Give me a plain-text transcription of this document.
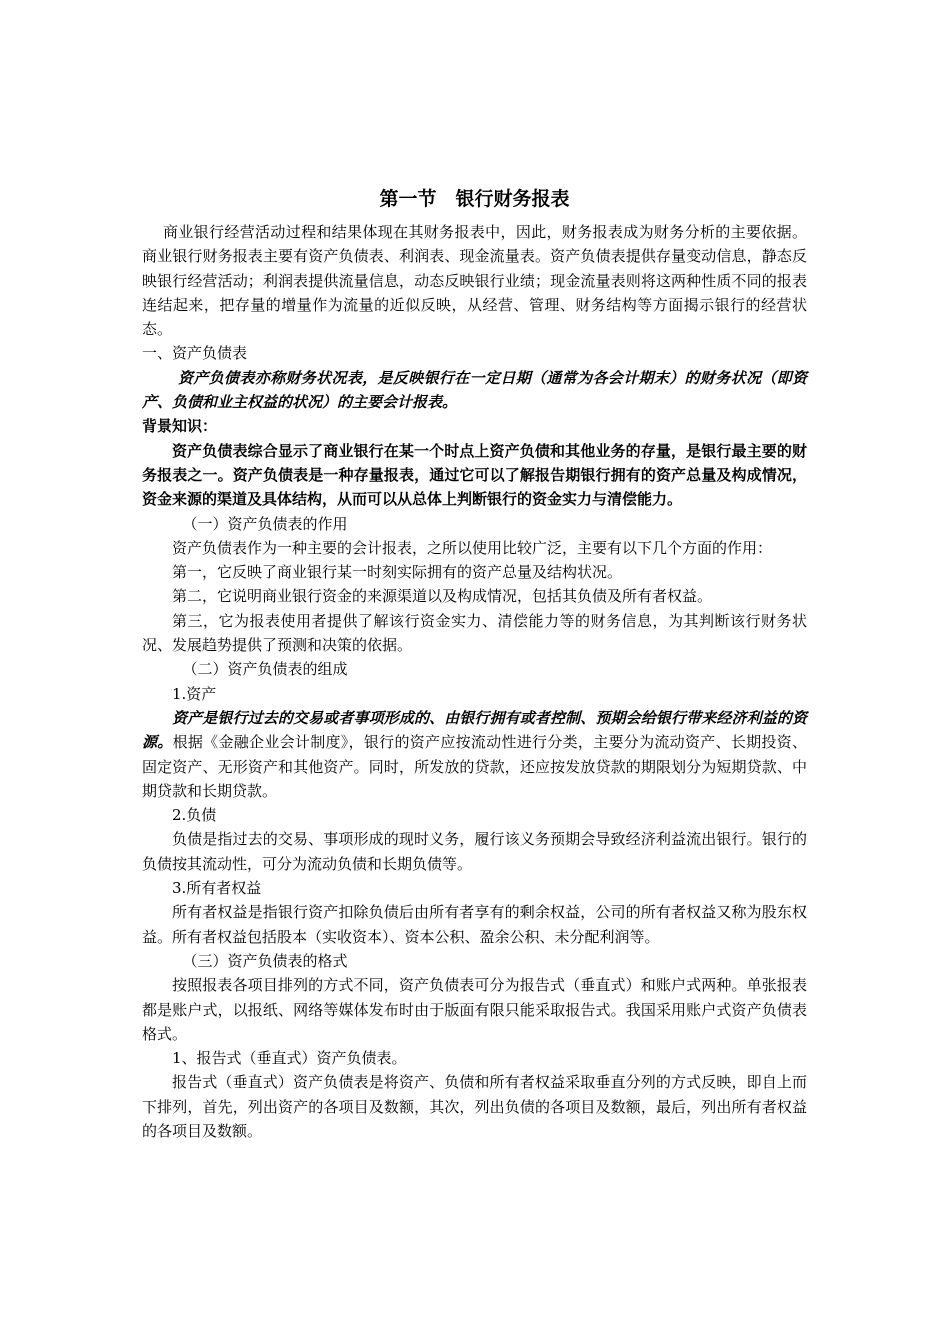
第一节　银行财务报表

商业银行经营活动过程和结果体现在其财务报表中，因此，财务报表成为财务分析的主要依据。商业银行财务报表主要有资产负债表、利润表、现金流量表。资产负债表提供存量变动信息，静态反映银行经营活动；利润表提供流量信息，动态反映银行业绩；现金流量表则将这两种性质不同的报表连结起来，把存量的增量作为流量的近似反映，从经营、管理、财务结构等方面揭示银行的经营状态。

一、资产负债表

资产负债表亦称财务状况表，是反映银行在一定日期（通常为各会计期末）的财务状况（即资产、负债和业主权益的状况）的主要会计报表。

背景知识：

资产负债表综合显示了商业银行在某一个时点上资产负债和其他业务的存量，是银行最主要的财务报表之一。资产负债表是一种存量报表，通过它可以了解报告期银行拥有的资产总量及构成情况，资金来源的渠道及具体结构，从而可以从总体上判断银行的资金实力与清偿能力。

（一）资产负债表的作用

资产负债表作为一种主要的会计报表，之所以使用比较广泛，主要有以下几个方面的作用：

第一，它反映了商业银行某一时刻实际拥有的资产总量及结构状况。

第二，它说明商业银行资金的来源渠道以及构成情况，包括其负债及所有者权益。

第三，它为报表使用者提供了解该行资金实力、清偿能力等的财务信息，为其判断该行财务状况、发展趋势提供了预测和决策的依据。

（二）资产负债表的组成

1.资产

资产是银行过去的交易或者事项形成的、由银行拥有或者控制、预期会给银行带来经济利益的资源。根据《金融企业会计制度》，银行的资产应按流动性进行分类，主要分为流动资产、长期投资、固定资产、无形资产和其他资产。同时，所发放的贷款，还应按发放贷款的期限划分为短期贷款、中期贷款和长期贷款。

2.负债

负债是指过去的交易、事项形成的现时义务，履行该义务预期会导致经济利益流出银行。银行的负债按其流动性，可分为流动负债和长期负债等。

3.所有者权益

所有者权益是指银行资产扣除负债后由所有者享有的剩余权益，公司的所有者权益又称为股东权益。所有者权益包括股本（实收资本）、资本公积、盈余公积、未分配利润等。

（三）资产负债表的格式

按照报表各项目排列的方式不同，资产负债表可分为报告式（垂直式）和账户式两种。单张报表都是账户式，以报纸、网络等媒体发布时由于版面有限只能采取报告式。我国采用账户式资产负债表格式。

1、报告式（垂直式）资产负债表。

报告式（垂直式）资产负债表是将资产、负债和所有者权益采取垂直分列的方式反映，即自上而下排列，首先，列出资产的各项目及数额，其次，列出负债的各项目及数额，最后，列出所有者权益的各项目及数额。
